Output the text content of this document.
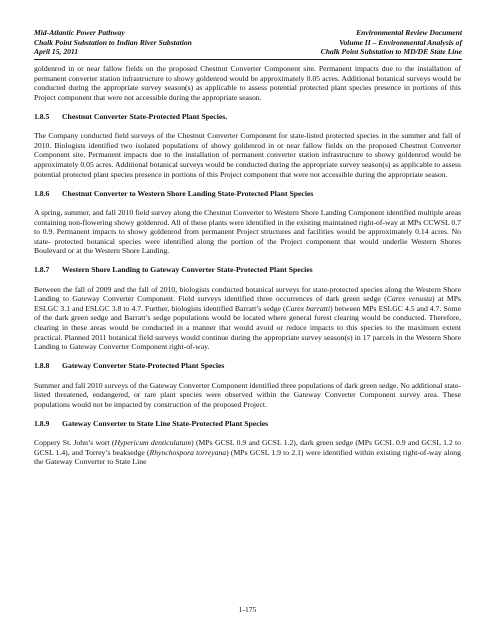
Mid-Atlantic Power Pathway
Chalk Point Substation to Indian River Substation
April 15, 2011
Environmental Review Document
Volume II – Environmental Analysis of
Chalk Point Substation to MD/DE State Line

goldenrod in or near fallow fields on the proposed Chestnut Converter Component site. Permanent impacts due to the installation of permanent converter station infrastructure to showy goldenrod would be approximately 0.05 acres. Additional botanical surveys would be conducted during the appropriate survey season(s) as applicable to assess potential protected plant species presence in portions of this Project component that were not accessible during the appropriate season.

1.8.5 Chestnut Converter State-Protected Plant Species.

The Company conducted field surveys of the Chestnut Converter Component for state-listed protected species in the summer and fall of 2010. Biologists identified two isolated populations of showy goldenrod in or near fallow fields on the proposed Chestnut Converter Component site. Permanent impacts due to the installation of permanent converter station infrastructure to showy goldenrod would be approximately 0.05 acres. Additional botanical surveys would be conducted during the appropriate survey season(s) as applicable to assess potential protected plant species presence in portions of this Project component that were not accessible during the appropriate season.

1.8.6 Chestnut Converter to Western Shore Landing State-Protected Plant Species

A spring, summer, and fall 2010 field survey along the Chestnut Converter to Western Shore Landing Component identified multiple areas containing non-flowering showy goldenrod. All of these plants were identified in the existing maintained right-of-way at MPs CCWSL 0.7 to 0.9. Permanent impacts to showy goldenrod from permanent Project structures and facilities would be approximately 0.14 acres. No state- protected botanical species were identified along the portion of the Project component that would underlie Western Shores Boulevard or at the Western Shore Landing.

1.8.7 Western Shore Landing to Gateway Converter State-Protected Plant Species

Between the fall of 2009 and the fall of 2010, biologists conducted botanical surveys for state-protected species along the Western Shore Landing to Gateway Converter Component. Field surveys identified three occurrences of dark green sedge (Carex venusta) at MPs ESLGC 3.1 and ESLGC 3.8 to 4.7. Further, biologists identified Barratt’s sedge (Carex barratti) between MPs ESLGC 4.5 and 4.7. Some of the dark green sedge and Barratt’s sedge populations would be located where general forest clearing would be conducted. Therefore, clearing in these areas would be conducted in a manner that would avoid or reduce impacts to this species to the maximum extent practical. Planned 2011 botanical field surveys would continue during the appropriate survey season(s) in 17 parcels in the Western Shore Landing to Gateway Converter Component right-of-way.

1.8.8 Gateway Converter State-Protected Plant Species

Summer and fall 2010 surveys of the Gateway Converter Component identified three populations of dark green sedge. No additional state-listed threatened, endangered, or rare plant species were observed within the Gateway Converter Component survey area. These populations would not be impacted by construction of the proposed Project.

1.8.9 Gateway Converter to State Line State-Protected Plant Species

Coppery St. John’s wort (Hypericum denticulatum) (MPs GCSL 0.9 and GCSL 1.2), dark green sedge (MPs GCSL 0.9 and GCSL 1.2 to GCSL 1.4), and Torrey’s beaksedge (Rhynchospora torreyana) (MPs GCSL 1.9 to 2.1) were identified within existing right-of-way along the Gateway Converter to State Line

1-175
